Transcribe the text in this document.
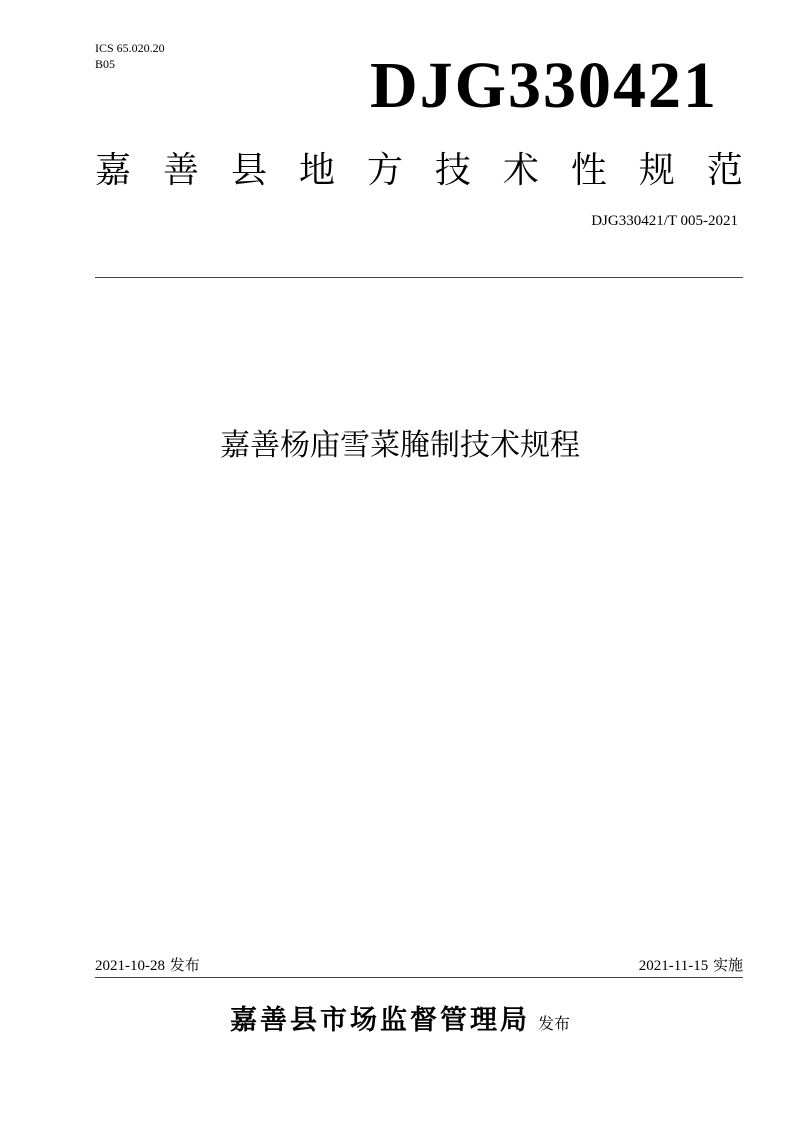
ICS 65.020.20
B05	DJG330421
嘉 善 县 地 方 技 术 性 规 范
DJG330421/T 005-2021
嘉善杨庙雪菜腌制技术规程
2021-10-28 发布	2021-11-15 实施
嘉善县市场监督管理局 发布
